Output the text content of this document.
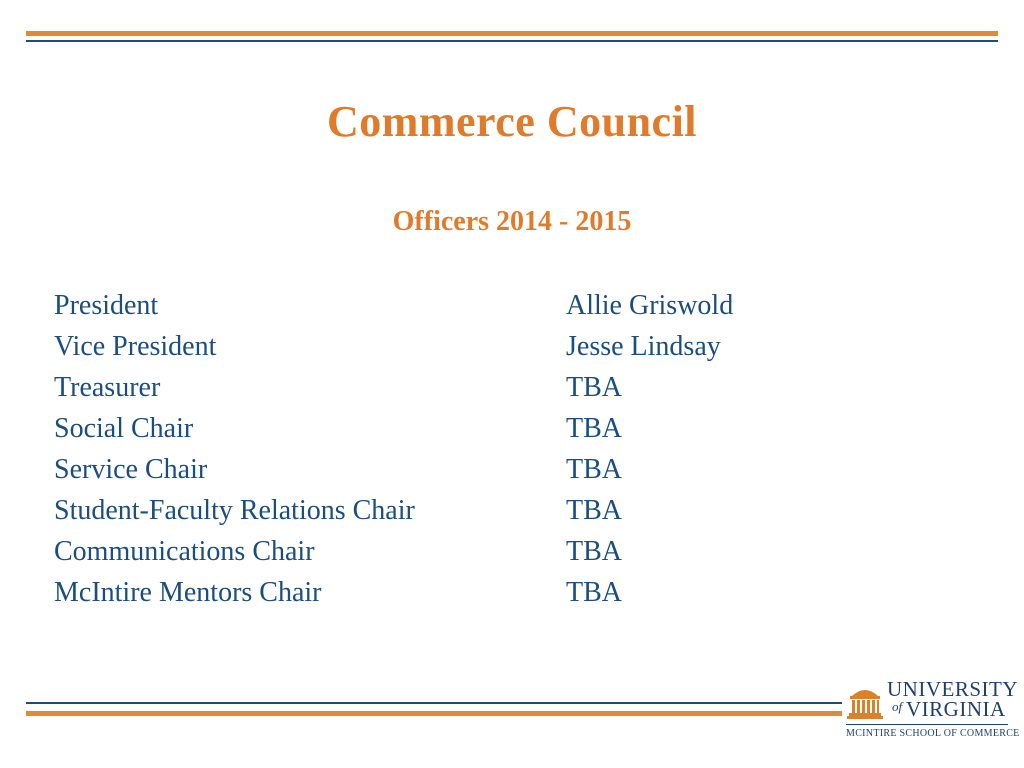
Commerce Council
Officers 2014 - 2015
President	Allie Griswold
Vice President	Jesse Lindsay
Treasurer	TBA
Social Chair	TBA
Service Chair	TBA
Student-Faculty Relations Chair	TBA
Communications Chair	TBA
McIntire Mentors Chair	TBA
UNIVERSITY
of VIRGINIA
MCINTIRE SCHOOL OF COMMERCE
